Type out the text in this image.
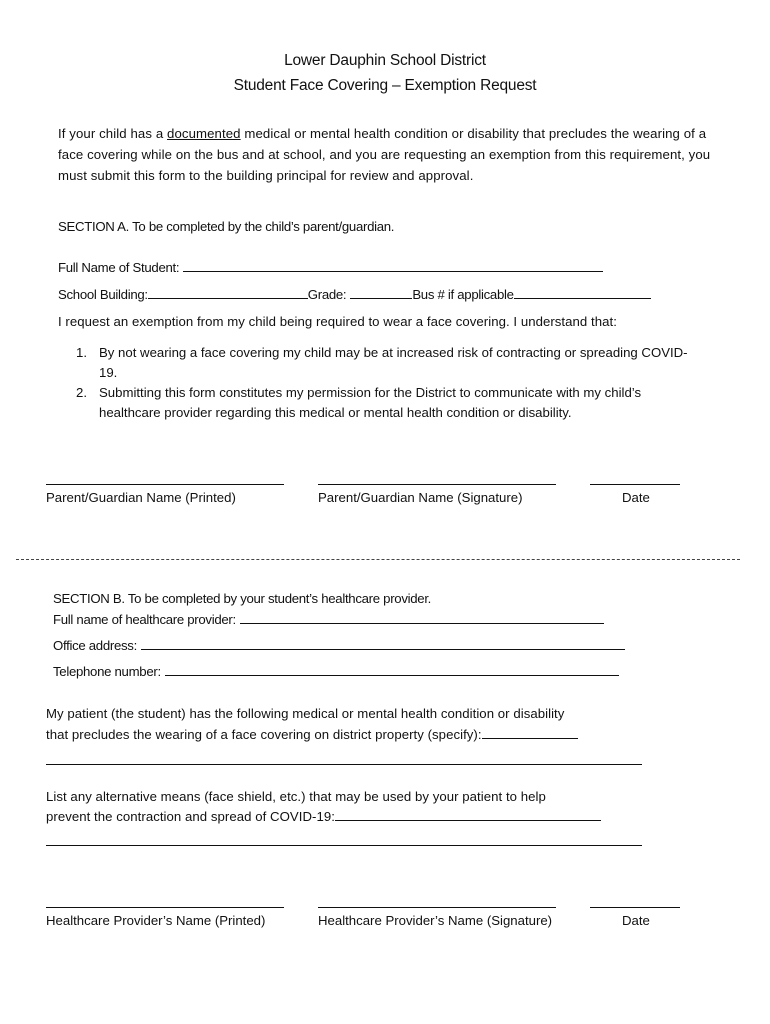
Lower Dauphin School District
Student Face Covering – Exemption Request
If your child has a documented medical or mental health condition or disability that precludes the wearing of a face covering while on the bus and at school, and you are requesting an exemption from this requirement, you must submit this form to the building principal for review and approval.
SECTION A. To be completed by the child’s parent/guardian.
Full Name of Student:
School Building:	Grade:	Bus # if applicable
I request an exemption from my child being required to wear a face covering. I understand that:
1. By not wearing a face covering my child may be at increased risk of contracting or spreading COVID-19.
2. Submitting this form constitutes my permission for the District to communicate with my child’s healthcare provider regarding this medical or mental health condition or disability.
Parent/Guardian Name (Printed)	Parent/Guardian Name (Signature)	Date
SECTION B. To be completed by your student’s healthcare provider.
Full name of healthcare provider:
Office address:
Telephone number:
My patient (the student) has the following medical or mental health condition or disability
that precludes the wearing of a face covering on district property (specify):
List any alternative means (face shield, etc.) that may be used by your patient to help
prevent the contraction and spread of COVID-19:
Healthcare Provider’s Name (Printed)	Healthcare Provider’s Name (Signature)	Date
